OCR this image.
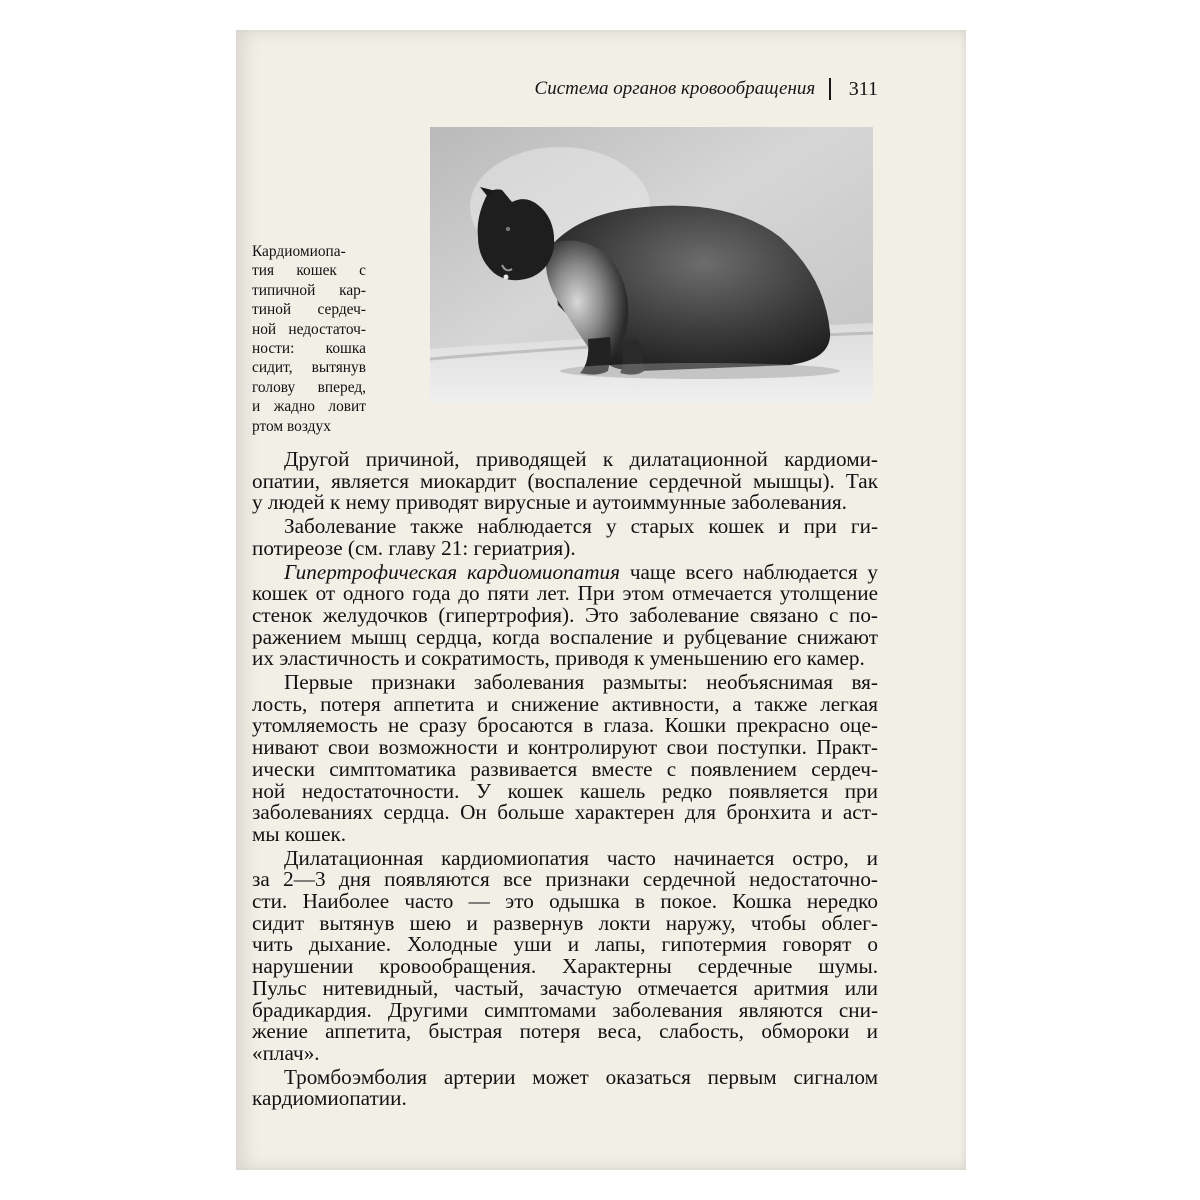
Система органов кровообращения 311
Кардиомиопа-
тия кошек с
типичной кар-
тиной сердеч-
ной недостаточ-
ности: кошка
сидит, вытянув
голову вперед,
и жадно ловит
ртом воздух
Другой причиной, приводящей к дилатационной кардиоми-
опатии, является миокардит (воспаление сердечной мышцы). Так
у людей к нему приводят вирусные и аутоиммунные заболевания.
Заболевание также наблюдается у старых кошек и при ги-
потиреозе (см. главу 21: гериатрия).
Гипертрофическая кардиомиопатия чаще всего наблюдается у
кошек от одного года до пяти лет. При этом отмечается утолщение
стенок желудочков (гипертрофия). Это заболевание связано с по-
ражением мышц сердца, когда воспаление и рубцевание снижают
их эластичность и сократимость, приводя к уменьшению его камер.
Первые признаки заболевания размыты: необъяснимая вя-
лость, потеря аппетита и снижение активности, а также легкая
утомляемость не сразу бросаются в глаза. Кошки прекрасно оце-
нивают свои возможности и контролируют свои поступки. Практ-
ически симптоматика развивается вместе с появлением сердеч-
ной недостаточности. У кошек кашель редко появляется при
заболеваниях сердца. Он больше характерен для бронхита и аст-
мы кошек.
Дилатационная кардиомиопатия часто начинается остро, и
за 2—3 дня появляются все признаки сердечной недостаточно-
сти. Наиболее часто — это одышка в покое. Кошка нередко
сидит вытянув шею и развернув локти наружу, чтобы облег-
чить дыхание. Холодные уши и лапы, гипотермия говорят о
нарушении кровообращения. Характерны сердечные шумы.
Пульс нитевидный, частый, зачастую отмечается аритмия или
брадикардия. Другими симптомами заболевания являются сни-
жение аппетита, быстрая потеря веса, слабость, обмороки и
«плач».
Тромбоэмболия артерии может оказаться первым сигналом
кардиомиопатии.
